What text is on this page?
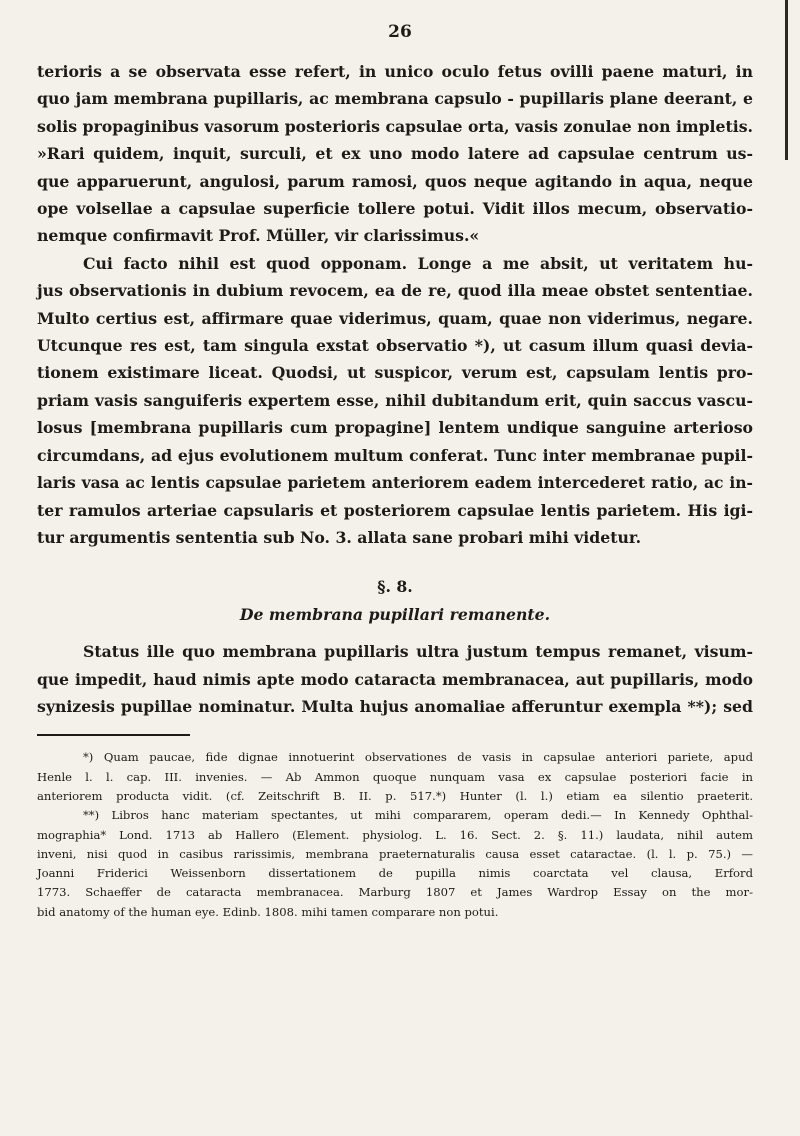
26
terioris a se observata esse refert, in unico oculo fetus ovilli paene maturi, in
quo jam membrana pupillaris, ac membrana capsulo - pupillaris plane deerant, e
solis propaginibus vasorum posterioris capsulae orta, vasis zonulae non impletis.
»Rari quidem, inquit, surculi, et ex uno modo latere ad capsulae centrum us-
que apparuerunt, angulosi, parum ramosi, quos neque agitando in aqua, neque
ope volsellae a capsulae superficie tollere potui. Vidit illos mecum, observatio-
nemque confirmavit Prof. Müller, vir clarissimus.«
Cui facto nihil est quod opponam. Longe a me absit, ut veritatem hu-
jus observationis in dubium revocem, ea de re, quod illa meae obstet sententiae.
Multo certius est, affirmare quae viderimus, quam, quae non viderimus, negare.
Utcunque res est, tam singula exstat observatio *), ut casum illum quasi devia-
tionem existimare liceat. Quodsi, ut suspicor, verum est, capsulam lentis pro-
priam vasis sanguiferis expertem esse, nihil dubitandum erit, quin saccus vascu-
losus [membrana pupillaris cum propagine] lentem undique sanguine arterioso
circumdans, ad ejus evolutionem multum conferat. Tunc inter membranae pupil-
laris vasa ac lentis capsulae parietem anteriorem eadem intercederet ratio, ac in-
ter ramulos arteriae capsularis et posteriorem capsulae lentis parietem. His igi-
tur argumentis sententia sub No. 3. allata sane probari mihi videtur.
§. 8.
De membrana pupillari remanente.
Status ille quo membrana pupillaris ultra justum tempus remanet, visum-
que impedit, haud nimis apte modo cataracta membranacea, aut pupillaris, modo
synizesis pupillae nominatur. Multa hujus anomaliae afferuntur exempla **); sed
*) Quam paucae, fide dignae innotuerint observationes de vasis in capsulae anteriori pariete, apud
Henle l. l. cap. III. invenies. — Ab Ammon quoque nunquam vasa ex capsulae posteriori facie in
anteriorem producta vidit. (cf. Zeitschrift B. II. p. 517.*) Hunter (l. l.) etiam ea silentio praeterit.
**) Libros hanc materiam spectantes, ut mihi compararem, operam dedi.— In Kennedy Ophthal-
mographia* Lond. 1713 ab Hallero (Element. physiolog. L. 16. Sect. 2. §. 11.) laudata, nihil autem
inveni, nisi quod in casibus rarissimis, membrana praeternaturalis causa esset cataractae. (l. l. p. 75.) —
Joanni Friderici Weissenborn dissertationem de pupilla nimis coarctata vel clausa, Erford
1773. Schaeffer de cataracta membranacea. Marburg 1807 et James Wardrop Essay on the mor-
bid anatomy of the human eye. Edinb. 1808. mihi tamen comparare non potui.
